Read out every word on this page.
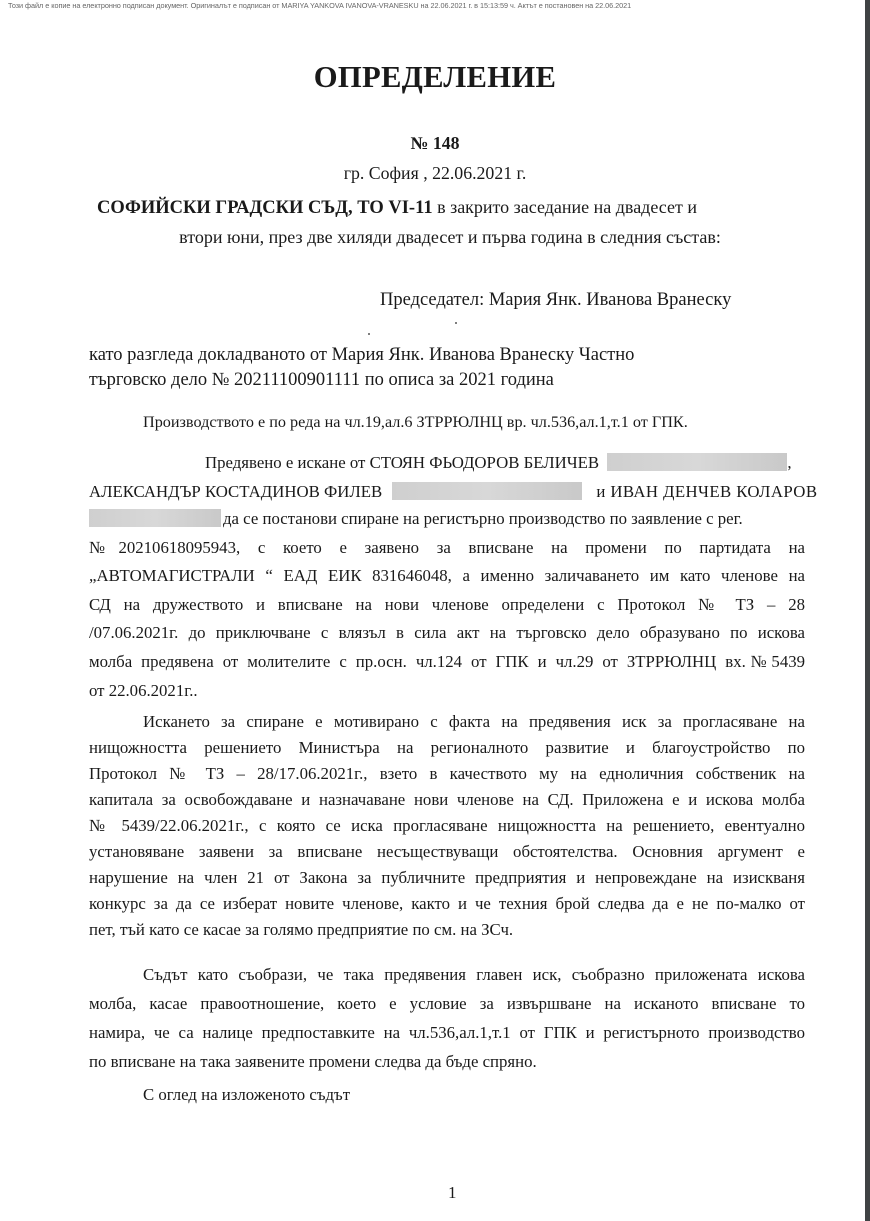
Този файл е копие на електронно подписан документ. Оригиналът е подписан от MARIYA YANKOVA IVANOVA-VRANESKU на 22.06.2021 г. в 15:13:59 ч. Актът е постановен на 22.06.2021
ОПРЕДЕЛЕНИЕ
№ 148
гр. София , 22.06.2021 г.
СОФИЙСКИ ГРАДСКИ СЪД, ТО VI-11 в закрито заседание на двадесет и
втори юни, през две хиляди двадесет и първа година в следния състав:
Председател: Мария Янк. Иванова Вранеску
като разгледа докладваното от Мария Янк. Иванова Вранеску Частно
търговско дело № 20211100901111 по описа за 2021 година
Производството е по реда на чл.19,ал.6 ЗТРРЮЛНЦ вр. чл.536,ал.1,т.1 от ГПК.
Предявено е искане от СТОЯН ФЬОДОРОВ БЕЛИЧЕВ	,
АЛЕКСАНДЪР КОСТАДИНОВ ФИЛЕВ	и ИВАН ДЕНЧЕВ КОЛАРОВ
да се постанови спиране на регистърно производство по заявление с рег.
№20210618095943, с което е заявено за вписване на промени по партидата на
„АВТОМАГИСТРАЛИ “ ЕАД ЕИК 831646048, а именно заличаването им като членове на
СД на дружеството и вписване на нови членове определени с Протокол № ТЗ – 28
/07.06.2021г. до приключване с влязъл в сила акт на търговско дело образувано по искова
молба предявена от молителите с пр.осн. чл.124 от ГПК и чл.29 от ЗТРРЮЛНЦ вх.№5439
от 22.06.2021г..
Искането за спиране е мотивирано с факта на предявения иск за прогласяване на
нищожността решението Министъра на регионалното развитие и благоустройство по
Протокол № ТЗ – 28/17.06.2021г., взето в качеството му на едноличния собственик на
капитала за освобождаване и назначаване нови членове на СД. Приложена е и искова молба
№ 5439/22.06.2021г., с която се иска прогласяване нищожността на решението, евентуално
установяване заявени за вписване несъществуващи обстоятелства. Основния аргумент е
нарушение на член 21 от Закона за публичните предприятия и непровеждане на изискваня
конкурс за да се изберат новите членове, както и че техния брой следва да е не по-малко от
пет, тъй като се касае за голямо предприятие по см. на ЗСч.
Съдът като съобрази, че така предявения главен иск, съобразно приложената искова
молба, касае правоотношение, което е условие за извършване на исканото вписване то
намира, че са налице предпоставките на чл.536,ал.1,т.1 от ГПК и регистърното производство
по вписване на така заявените промени следва да бъде спряно.
С оглед на изложеното съдът
1
